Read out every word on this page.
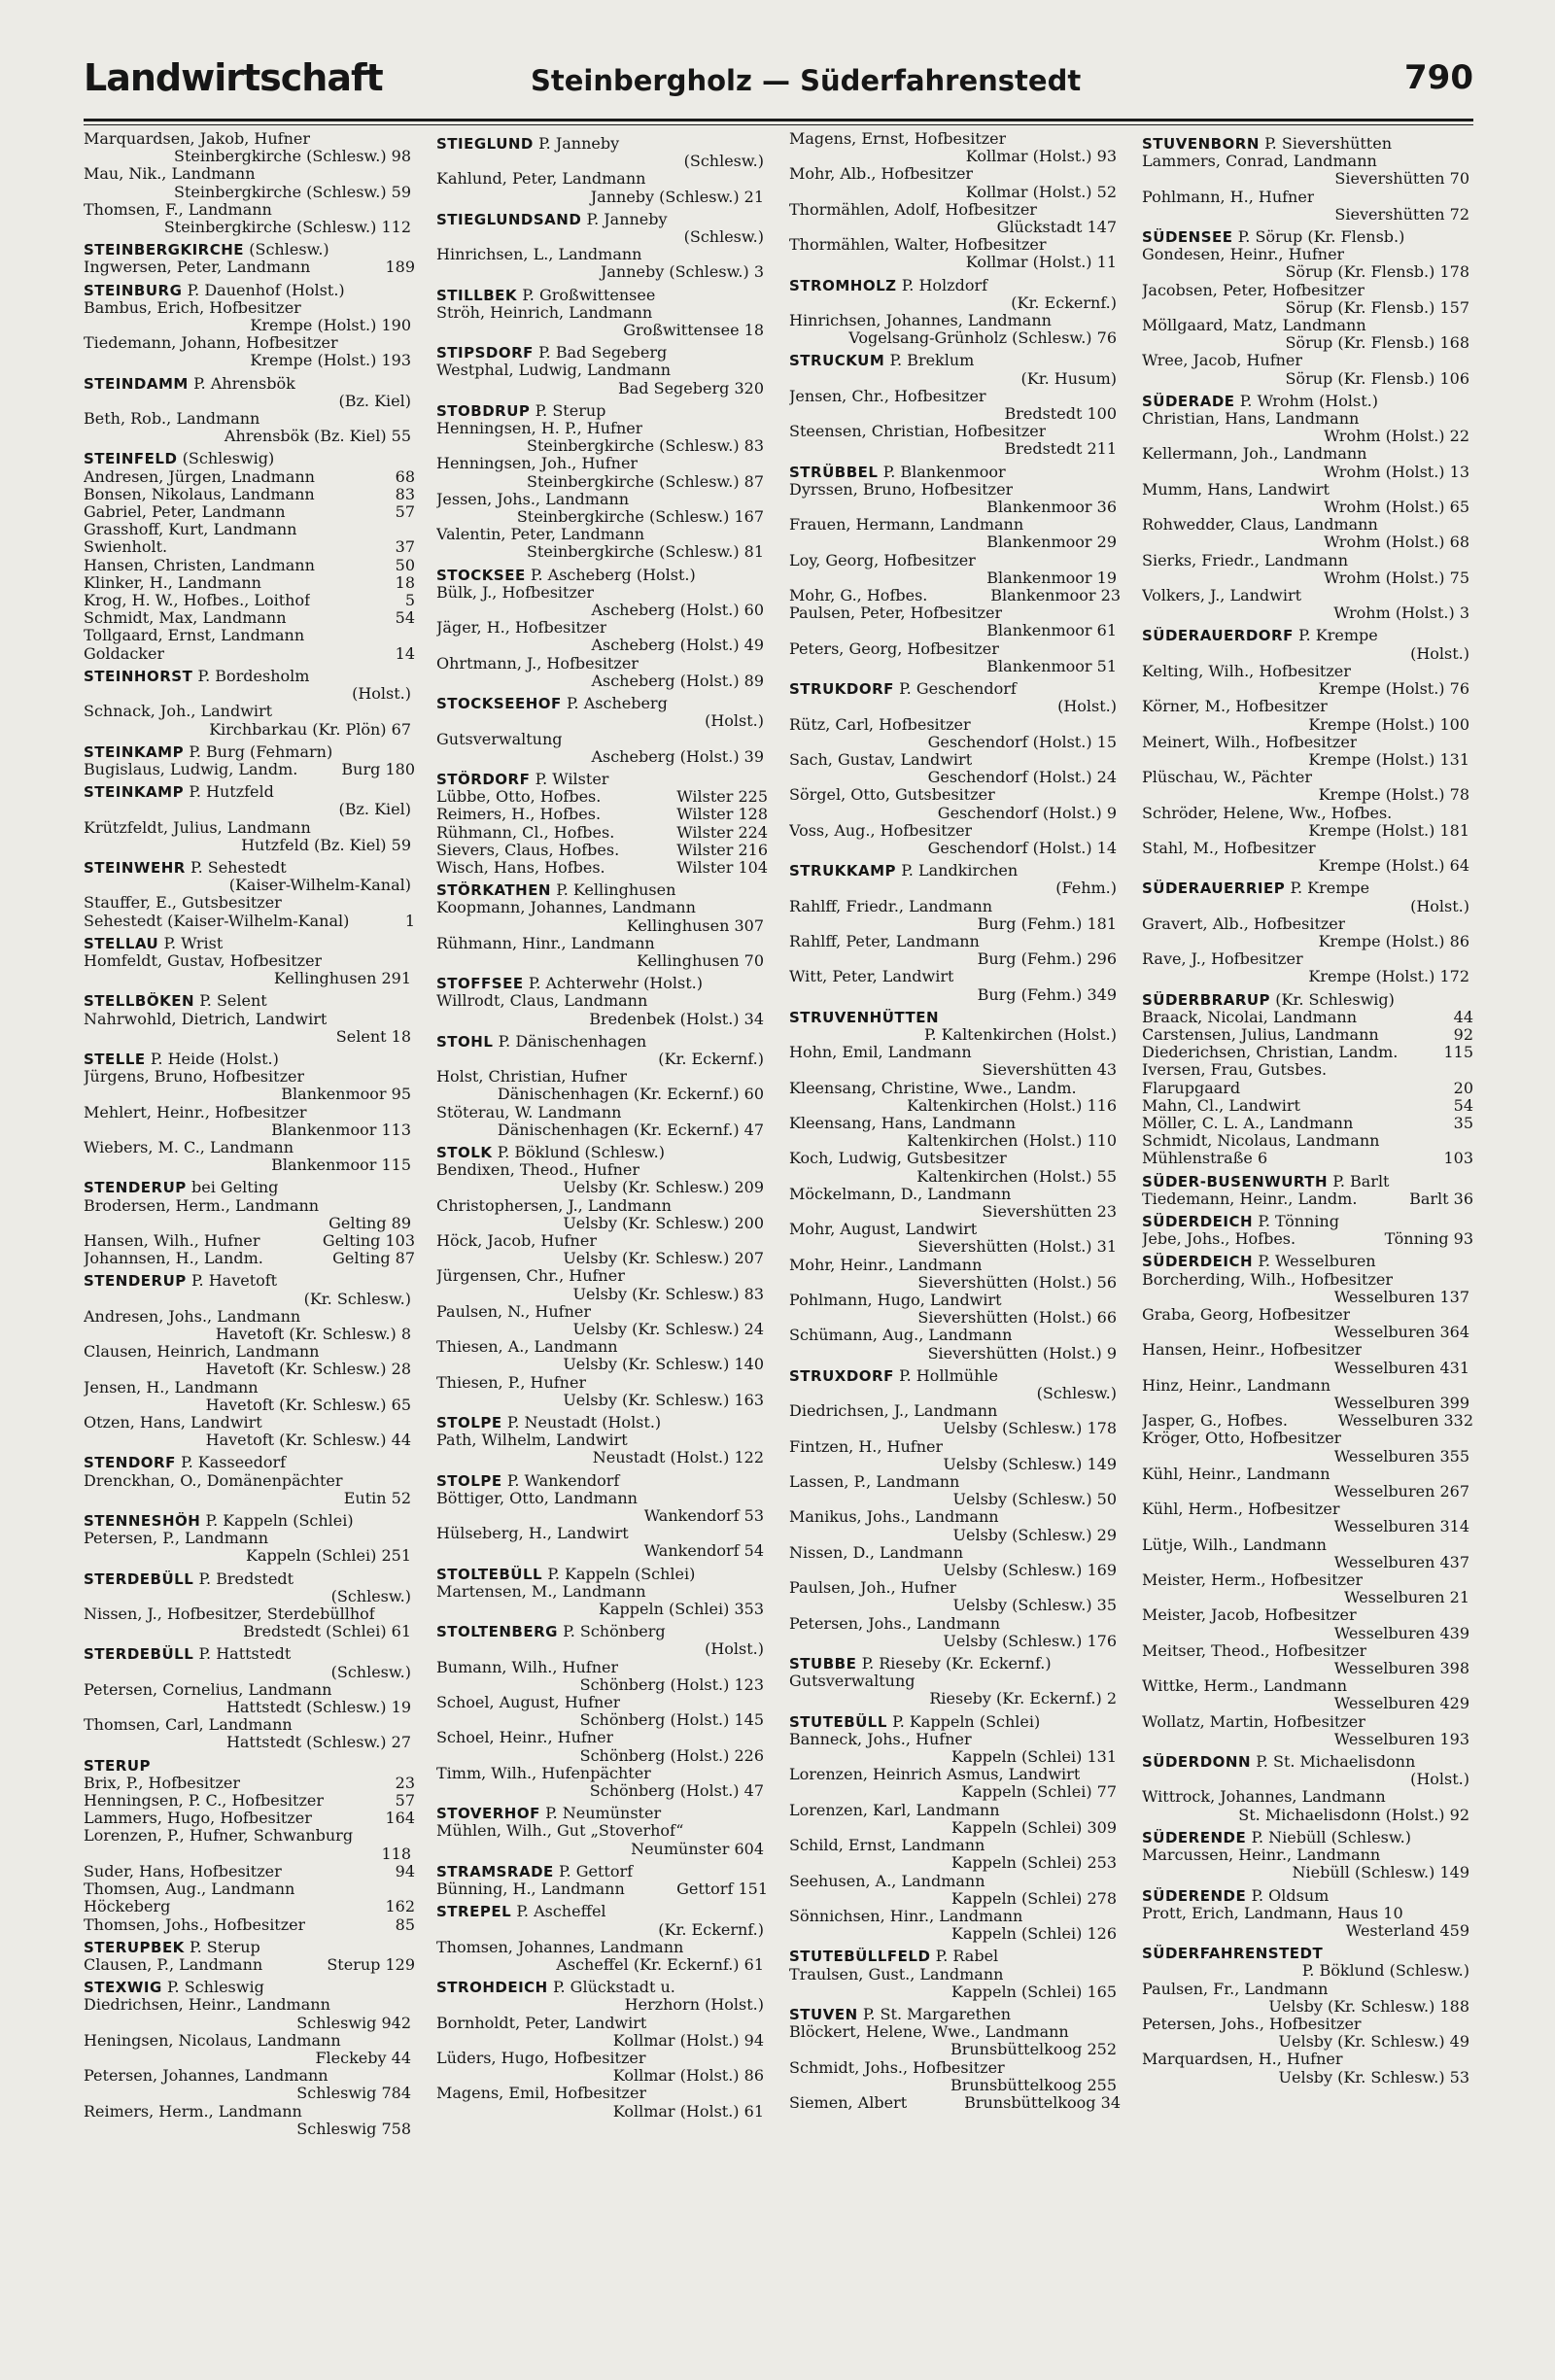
Landwirtschaft	Steinbergholz — Süderfahrenstedt	790
Marquardsen, Jakob, Hufner
Steinbergkirche (Schlesw.) 98
Mau, Nik., Landmann
Steinbergkirche (Schlesw.) 59
Thomsen, F., Landmann
Steinbergkirche (Schlesw.) 112
STEINBERGKIRCHE (Schlesw.)
Ingwersen, Peter, Landmann	189
STEINBURG P. Dauenhof (Holst.)
Bambus, Erich, Hofbesitzer
Krempe (Holst.) 190
Tiedemann, Johann, Hofbesitzer
Krempe (Holst.) 193
STEINDAMM P. Ahrensbök
(Bz. Kiel)
Beth, Rob., Landmann
Ahrensbök (Bz. Kiel) 55
STEINFELD (Schleswig)
Andresen, Jürgen, Lnadmann	68
Bonsen, Nikolaus, Landmann	83
Gabriel, Peter, Landmann	57
Grasshoff, Kurt, Landmann
Swienholt.	37
Hansen, Christen, Landmann	50
Klinker, H., Landmann	18
Krog, H. W., Hofbes., Loithof	5
Schmidt, Max, Landmann	54
Tollgaard, Ernst, Landmann
Goldacker	14
STEINHORST P. Bordesholm
(Holst.)
Schnack, Joh., Landwirt
Kirchbarkau (Kr. Plön) 67
STEINKAMP P. Burg (Fehmarn)
Bugislaus, Ludwig, Landm.	Burg 180
STEINKAMP P. Hutzfeld
(Bz. Kiel)
Krützfeldt, Julius, Landmann
Hutzfeld (Bz. Kiel) 59
STEINWEHR P. Sehestedt
(Kaiser-Wilhelm-Kanal)
Stauffer, E., Gutsbesitzer
Sehestedt (Kaiser-Wilhelm-Kanal)	1
STELLAU P. Wrist
Homfeldt, Gustav, Hofbesitzer
Kellinghusen 291
STELLBÖKEN P. Selent
Nahrwohld, Dietrich, Landwirt
Selent 18
STELLE P. Heide (Holst.)
Jürgens, Bruno, Hofbesitzer
Blankenmoor 95
Mehlert, Heinr., Hofbesitzer
Blankenmoor 113
Wiebers, M. C., Landmann
Blankenmoor 115
STENDERUP bei Gelting
Brodersen, Herm., Landmann
Gelting 89
Hansen, Wilh., Hufner	Gelting 103
Johannsen, H., Landm.	Gelting 87
STENDERUP P. Havetoft
(Kr. Schlesw.)
Andresen, Johs., Landmann
Havetoft (Kr. Schlesw.) 8
Clausen, Heinrich, Landmann
Havetoft (Kr. Schlesw.) 28
Jensen, H., Landmann
Havetoft (Kr. Schlesw.) 65
Otzen, Hans, Landwirt
Havetoft (Kr. Schlesw.) 44
STENDORF P. Kasseedorf
Drenckhan, O., Domänenpächter
Eutin 52
STENNESHÖH P. Kappeln (Schlei)
Petersen, P., Landmann
Kappeln (Schlei) 251
STERDEBÜLL P. Bredstedt
(Schlesw.)
Nissen, J., Hofbesitzer, Sterdebüllhof
Bredstedt (Schlei) 61
STERDEBÜLL P. Hattstedt
(Schlesw.)
Petersen, Cornelius, Landmann
Hattstedt (Schlesw.) 19
Thomsen, Carl, Landmann
Hattstedt (Schlesw.) 27
STERUP
Brix, P., Hofbesitzer	23
Henningsen, P. C., Hofbesitzer	57
Lammers, Hugo, Hofbesitzer	164
Lorenzen, P., Hufner, Schwanburg
118
Suder, Hans, Hofbesitzer	94
Thomsen, Aug., Landmann
Höckeberg	162
Thomsen, Johs., Hofbesitzer	85
STERUPBEK P. Sterup
Clausen, P., Landmann	Sterup 129
STEXWIG P. Schleswig
Diedrichsen, Heinr., Landmann
Schleswig 942
Heningsen, Nicolaus, Landmann
Fleckeby 44
Petersen, Johannes, Landmann
Schleswig 784
Reimers, Herm., Landmann
Schleswig 758
STIEGLUND P. Janneby
(Schlesw.)
Kahlund, Peter, Landmann
Janneby (Schlesw.) 21
STIEGLUNDSAND P. Janneby
(Schlesw.)
Hinrichsen, L., Landmann
Janneby (Schlesw.) 3
STILLBEK P. Großwittensee
Ströh, Heinrich, Landmann
Großwittensee 18
STIPSDORF P. Bad Segeberg
Westphal, Ludwig, Landmann
Bad Segeberg 320
STOBDRUP P. Sterup
Henningsen, H. P., Hufner
Steinbergkirche (Schlesw.) 83
Henningsen, Joh., Hufner
Steinbergkirche (Schlesw.) 87
Jessen, Johs., Landmann
Steinbergkirche (Schlesw.) 167
Valentin, Peter, Landmann
Steinbergkirche (Schlesw.) 81
STOCKSEE P. Ascheberg (Holst.)
Bülk, J., Hofbesitzer
Ascheberg (Holst.) 60
Jäger, H., Hofbesitzer
Ascheberg (Holst.) 49
Ohrtmann, J., Hofbesitzer
Ascheberg (Holst.) 89
STOCKSEEHOF P. Ascheberg
(Holst.)
Gutsverwaltung
Ascheberg (Holst.) 39
STÖRDORF P. Wilster
Lübbe, Otto, Hofbes.	Wilster 225
Reimers, H., Hofbes.	Wilster 128
Rühmann, Cl., Hofbes.	Wilster 224
Sievers, Claus, Hofbes.	Wilster 216
Wisch, Hans, Hofbes.	Wilster 104
STÖRKATHEN P. Kellinghusen
Koopmann, Johannes, Landmann
Kellinghusen 307
Rühmann, Hinr., Landmann
Kellinghusen 70
STOFFSEE P. Achterwehr (Holst.)
Willrodt, Claus, Landmann
Bredenbek (Holst.) 34
STOHL P. Dänischenhagen
(Kr. Eckernf.)
Holst, Christian, Hufner
Dänischenhagen (Kr. Eckernf.) 60
Stöterau, W. Landmann
Dänischenhagen (Kr. Eckernf.) 47
STOLK P. Böklund (Schlesw.)
Bendixen, Theod., Hufner
Uelsby (Kr. Schlesw.) 209
Christophersen, J., Landmann
Uelsby (Kr. Schlesw.) 200
Höck, Jacob, Hufner
Uelsby (Kr. Schlesw.) 207
Jürgensen, Chr., Hufner
Uelsby (Kr. Schlesw.) 83
Paulsen, N., Hufner
Uelsby (Kr. Schlesw.) 24
Thiesen, A., Landmann
Uelsby (Kr. Schlesw.) 140
Thiesen, P., Hufner
Uelsby (Kr. Schlesw.) 163
STOLPE P. Neustadt (Holst.)
Path, Wilhelm, Landwirt
Neustadt (Holst.) 122
STOLPE P. Wankendorf
Böttiger, Otto, Landmann
Wankendorf 53
Hülseberg, H., Landwirt
Wankendorf 54
STOLTEBÜLL P. Kappeln (Schlei)
Martensen, M., Landmann
Kappeln (Schlei) 353
STOLTENBERG P. Schönberg
(Holst.)
Bumann, Wilh., Hufner
Schönberg (Holst.) 123
Schoel, August, Hufner
Schönberg (Holst.) 145
Schoel, Heinr., Hufner
Schönberg (Holst.) 226
Timm, Wilh., Hufenpächter
Schönberg (Holst.) 47
STOVERHOF P. Neumünster
Mühlen, Wilh., Gut „Stoverhof“
Neumünster 604
STRAMSRADE P. Gettorf
Bünning, H., Landmann	Gettorf 151
STREPEL P. Ascheffel
(Kr. Eckernf.)
Thomsen, Johannes, Landmann
Ascheffel (Kr. Eckernf.) 61
STROHDEICH P. Glückstadt u.
Herzhorn (Holst.)
Bornholdt, Peter, Landwirt
Kollmar (Holst.) 94
Lüders, Hugo, Hofbesitzer
Kollmar (Holst.) 86
Magens, Emil, Hofbesitzer
Kollmar (Holst.) 61
Magens, Ernst, Hofbesitzer
Kollmar (Holst.) 93
Mohr, Alb., Hofbesitzer
Kollmar (Holst.) 52
Thormählen, Adolf, Hofbesitzer
Glückstadt 147
Thormählen, Walter, Hofbesitzer
Kollmar (Holst.) 11
STROMHOLZ P. Holzdorf
(Kr. Eckernf.)
Hinrichsen, Johannes, Landmann
Vogelsang-Grünholz (Schlesw.) 76
STRUCKUM P. Breklum
(Kr. Husum)
Jensen, Chr., Hofbesitzer
Bredstedt 100
Steensen, Christian, Hofbesitzer
Bredstedt 211
STRÜBBEL P. Blankenmoor
Dyrssen, Bruno, Hofbesitzer
Blankenmoor 36
Frauen, Hermann, Landmann
Blankenmoor 29
Loy, Georg, Hofbesitzer
Blankenmoor 19
Mohr, G., Hofbes.	Blankenmoor 23
Paulsen, Peter, Hofbesitzer
Blankenmoor 61
Peters, Georg, Hofbesitzer
Blankenmoor 51
STRUKDORF P. Geschendorf
(Holst.)
Rütz, Carl, Hofbesitzer
Geschendorf (Holst.) 15
Sach, Gustav, Landwirt
Geschendorf (Holst.) 24
Sörgel, Otto, Gutsbesitzer
Geschendorf (Holst.) 9
Voss, Aug., Hofbesitzer
Geschendorf (Holst.) 14
STRUKKAMP P. Landkirchen
(Fehm.)
Rahlff, Friedr., Landmann
Burg (Fehm.) 181
Rahlff, Peter, Landmann
Burg (Fehm.) 296
Witt, Peter, Landwirt
Burg (Fehm.) 349
STRUVENHÜTTEN
P. Kaltenkirchen (Holst.)
Hohn, Emil, Landmann
Sievershütten 43
Kleensang, Christine, Wwe., Landm.
Kaltenkirchen (Holst.) 116
Kleensang, Hans, Landmann
Kaltenkirchen (Holst.) 110
Koch, Ludwig, Gutsbesitzer
Kaltenkirchen (Holst.) 55
Möckelmann, D., Landmann
Sievershütten 23
Mohr, August, Landwirt
Sievershütten (Holst.) 31
Mohr, Heinr., Landmann
Sievershütten (Holst.) 56
Pohlmann, Hugo, Landwirt
Sievershütten (Holst.) 66
Schümann, Aug., Landmann
Sievershütten (Holst.) 9
STRUXDORF P. Hollmühle
(Schlesw.)
Diedrichsen, J., Landmann
Uelsby (Schlesw.) 178
Fintzen, H., Hufner
Uelsby (Schlesw.) 149
Lassen, P., Landmann
Uelsby (Schlesw.) 50
Manikus, Johs., Landmann
Uelsby (Schlesw.) 29
Nissen, D., Landmann
Uelsby (Schlesw.) 169
Paulsen, Joh., Hufner
Uelsby (Schlesw.) 35
Petersen, Johs., Landmann
Uelsby (Schlesw.) 176
STUBBE P. Rieseby (Kr. Eckernf.)
Gutsverwaltung
Rieseby (Kr. Eckernf.) 2
STUTEBÜLL P. Kappeln (Schlei)
Banneck, Johs., Hufner
Kappeln (Schlei) 131
Lorenzen, Heinrich Asmus, Landwirt
Kappeln (Schlei) 77
Lorenzen, Karl, Landmann
Kappeln (Schlei) 309
Schild, Ernst, Landmann
Kappeln (Schlei) 253
Seehusen, A., Landmann
Kappeln (Schlei) 278
Sönnichsen, Hinr., Landmann
Kappeln (Schlei) 126
STUTEBÜLLFELD P. Rabel
Traulsen, Gust., Landmann
Kappeln (Schlei) 165
STUVEN P. St. Margarethen
Blöckert, Helene, Wwe., Landmann
Brunsbüttelkoog 252
Schmidt, Johs., Hofbesitzer
Brunsbüttelkoog 255
Siemen, Albert	Brunsbüttelkoog 34
STUVENBORN P. Sievershütten
Lammers, Conrad, Landmann
Sievershütten 70
Pohlmann, H., Hufner
Sievershütten 72
SÜDENSEE P. Sörup (Kr. Flensb.)
Gondesen, Heinr., Hufner
Sörup (Kr. Flensb.) 178
Jacobsen, Peter, Hofbesitzer
Sörup (Kr. Flensb.) 157
Möllgaard, Matz, Landmann
Sörup (Kr. Flensb.) 168
Wree, Jacob, Hufner
Sörup (Kr. Flensb.) 106
SÜDERADE P. Wrohm (Holst.)
Christian, Hans, Landmann
Wrohm (Holst.) 22
Kellermann, Joh., Landmann
Wrohm (Holst.) 13
Mumm, Hans, Landwirt
Wrohm (Holst.) 65
Rohwedder, Claus, Landmann
Wrohm (Holst.) 68
Sierks, Friedr., Landmann
Wrohm (Holst.) 75
Volkers, J., Landwirt
Wrohm (Holst.) 3
SÜDERAUERDORF P. Krempe
(Holst.)
Kelting, Wilh., Hofbesitzer
Krempe (Holst.) 76
Körner, M., Hofbesitzer
Krempe (Holst.) 100
Meinert, Wilh., Hofbesitzer
Krempe (Holst.) 131
Plüschau, W., Pächter
Krempe (Holst.) 78
Schröder, Helene, Ww., Hofbes.
Krempe (Holst.) 181
Stahl, M., Hofbesitzer
Krempe (Holst.) 64
SÜDERAUERRIEP P. Krempe
(Holst.)
Gravert, Alb., Hofbesitzer
Krempe (Holst.) 86
Rave, J., Hofbesitzer
Krempe (Holst.) 172
SÜDERBRARUP (Kr. Schleswig)
Braack, Nicolai, Landmann	44
Carstensen, Julius, Landmann	92
Diederichsen, Christian, Landm.	115
Iversen, Frau, Gutsbes.
Flarupgaard	20
Mahn, Cl., Landwirt	54
Möller, C. L. A., Landmann	35
Schmidt, Nicolaus, Landmann
Mühlenstraße 6	103
SÜDER-BUSENWURTH P. Barlt
Tiedemann, Heinr., Landm.	Barlt 36
SÜDERDEICH P. Tönning
Jebe, Johs., Hofbes.	Tönning 93
SÜDERDEICH P. Wesselburen
Borcherding, Wilh., Hofbesitzer
Wesselburen 137
Graba, Georg, Hofbesitzer
Wesselburen 364
Hansen, Heinr., Hofbesitzer
Wesselburen 431
Hinz, Heinr., Landmann
Wesselburen 399
Jasper, G., Hofbes.	Wesselburen 332
Kröger, Otto, Hofbesitzer
Wesselburen 355
Kühl, Heinr., Landmann
Wesselburen 267
Kühl, Herm., Hofbesitzer
Wesselburen 314
Lütje, Wilh., Landmann
Wesselburen 437
Meister, Herm., Hofbesitzer
Wesselburen 21
Meister, Jacob, Hofbesitzer
Wesselburen 439
Meitser, Theod., Hofbesitzer
Wesselburen 398
Wittke, Herm., Landmann
Wesselburen 429
Wollatz, Martin, Hofbesitzer
Wesselburen 193
SÜDERDONN P. St. Michaelisdonn
(Holst.)
Wittrock, Johannes, Landmann
St. Michaelisdonn (Holst.) 92
SÜDERENDE P. Niebüll (Schlesw.)
Marcussen, Heinr., Landmann
Niebüll (Schlesw.) 149
SÜDERENDE P. Oldsum
Prott, Erich, Landmann, Haus 10
Westerland 459
SÜDERFAHRENSTEDT
P. Böklund (Schlesw.)
Paulsen, Fr., Landmann
Uelsby (Kr. Schlesw.) 188
Petersen, Johs., Hofbesitzer
Uelsby (Kr. Schlesw.) 49
Marquardsen, H., Hufner
Uelsby (Kr. Schlesw.) 53
